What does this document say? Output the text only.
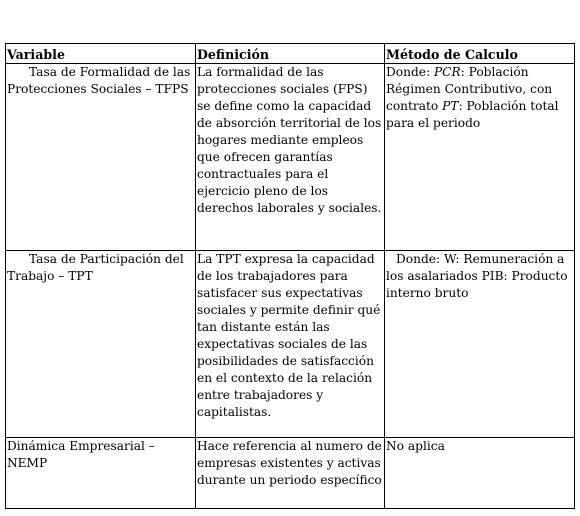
Variable	Definición	Método de Calculo
Tasa de Formalidad de las Protecciones Sociales – TFPS	La formalidad de las protecciones sociales (FPS) se define como la capacidad de absorción territorial de los hogares mediante empleos que ofrecen garantías contractuales para el ejercicio pleno de los derechos laborales y sociales.	Donde: PCR: Población Régimen Contributivo, con contrato PT: Población total para el periodo
Tasa de Participación del Trabajo – TPT	La TPT expresa la capacidad de los trabajadores para satisfacer sus expectativas sociales y permite definir qué tan distante están las expectativas sociales de las posibilidades de satisfacción en el contexto de la relación entre trabajadores y capitalistas.	Donde: W: Remuneración a los asalariados PIB: Producto interno bruto
Dinámica Empresarial – NEMP	Hace referencia al numero de empresas existentes y activas durante un periodo específico	No aplica
